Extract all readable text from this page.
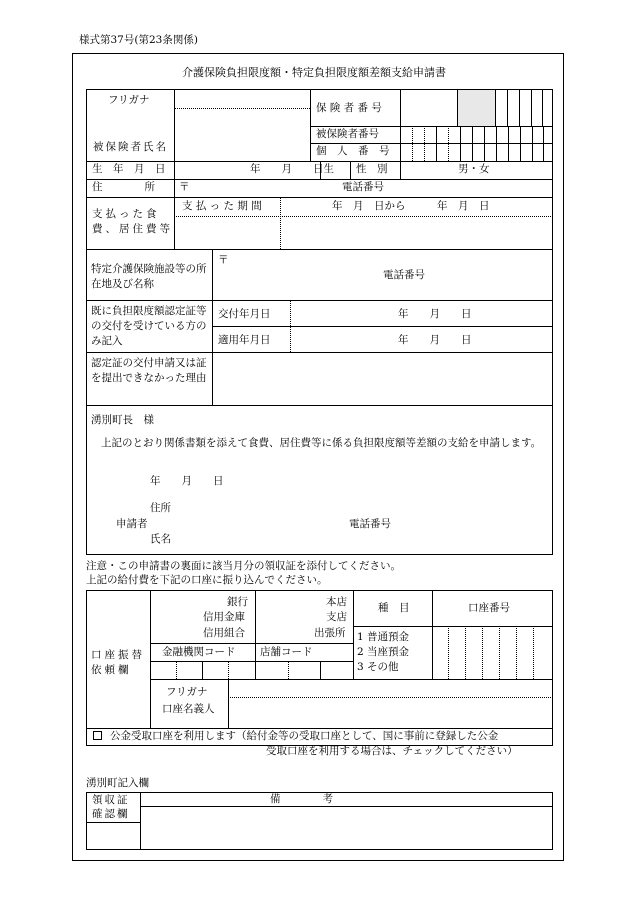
様式第37号(第23条関係)
介護保険負担限度額・特定負担限度額差額支給申請書
フリガナ
被保険者氏名
保 険 者 番 号
被保険者番号
個　人　番　号
生　年　月　日	年　　月　　日生 性　別	男・女
住　　　　所 〒	電話番号
支払った食費、居住費等
支 払 っ た 期 間	年　月　日から　　　年　月　日
特定介護保険施設等の所在地及び名称
〒
電話番号
既に負担限度額認定証等の交付を受けている方のみ記入
交付年月日	年　　月　　日
適用年月日	年　　月　　日
認定証の交付申請又は証を提出できなかった理由
湧別町長　様
上記のとおり関係書類を添えて食費、居住費等に係る負担限度額等差額の支給を申請します。
年　　月　　日
住所
申請者	電話番号
氏名
注意・この申請書の裏面に該当月分の領収証を添付してください。
上記の給付費を下記の口座に振り込んでください。
口座振替依頼欄
銀行
信用金庫
信用組合
本店
支店
出張所
種　目	口座番号
1 普通預金
2 当座預金
3 その他
金融機関コード 店舗コード
フリガナ
口座名義人
公金受取口座を利用します（給付金等の受取口座として、国に事前に登録した公金
受取口座を利用する場合は、チェックしてください）
湧別町記入欄
領収証確認欄
備　　　　考
